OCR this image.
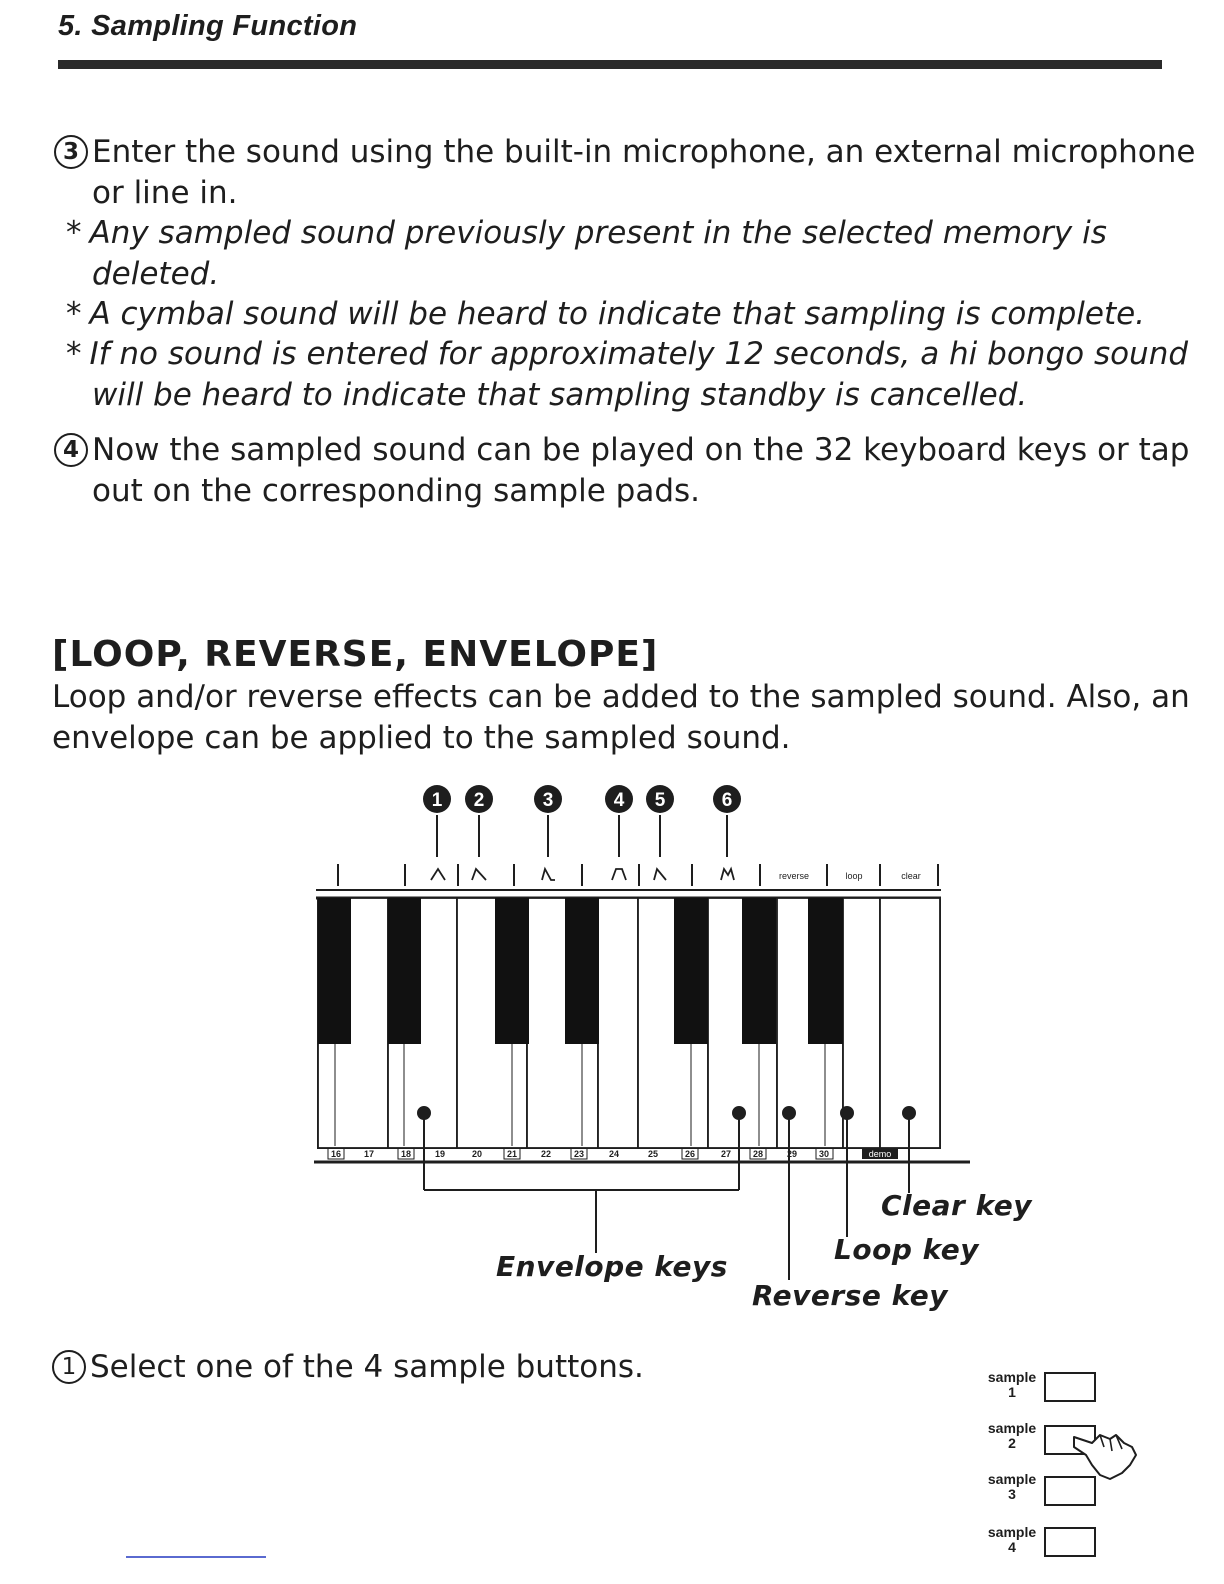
5. Sampling Function
3 Enter the sound using the built-in microphone, an external microphone
or line in.
* Any sampled sound previously present in the selected memory is
deleted.
* A cymbal sound will be heard to indicate that sampling is complete.
* If no sound is entered for approximately 12 seconds, a hi bongo sound
will be heard to indicate that sampling standby is cancelled.
4 Now the sampled sound can be played on the 32 keyboard keys or tap
out on the corresponding sample pads.
[LOOP, REVERSE, ENVELOPE]
Loop and/or reverse effects can be added to the sampled sound. Also, an
envelope can be applied to the sampled sound.
1 2	3	4 5	6
reverse	loop	clear
16	17	18	19	20	21	22	23	24	25	26	27 28	29 30	demo
Envelope keys
Reverse key
Loop key
Clear key
1 Select one of the 4 sample buttons.	sample
1
sample
2
sample
3
sample
4
